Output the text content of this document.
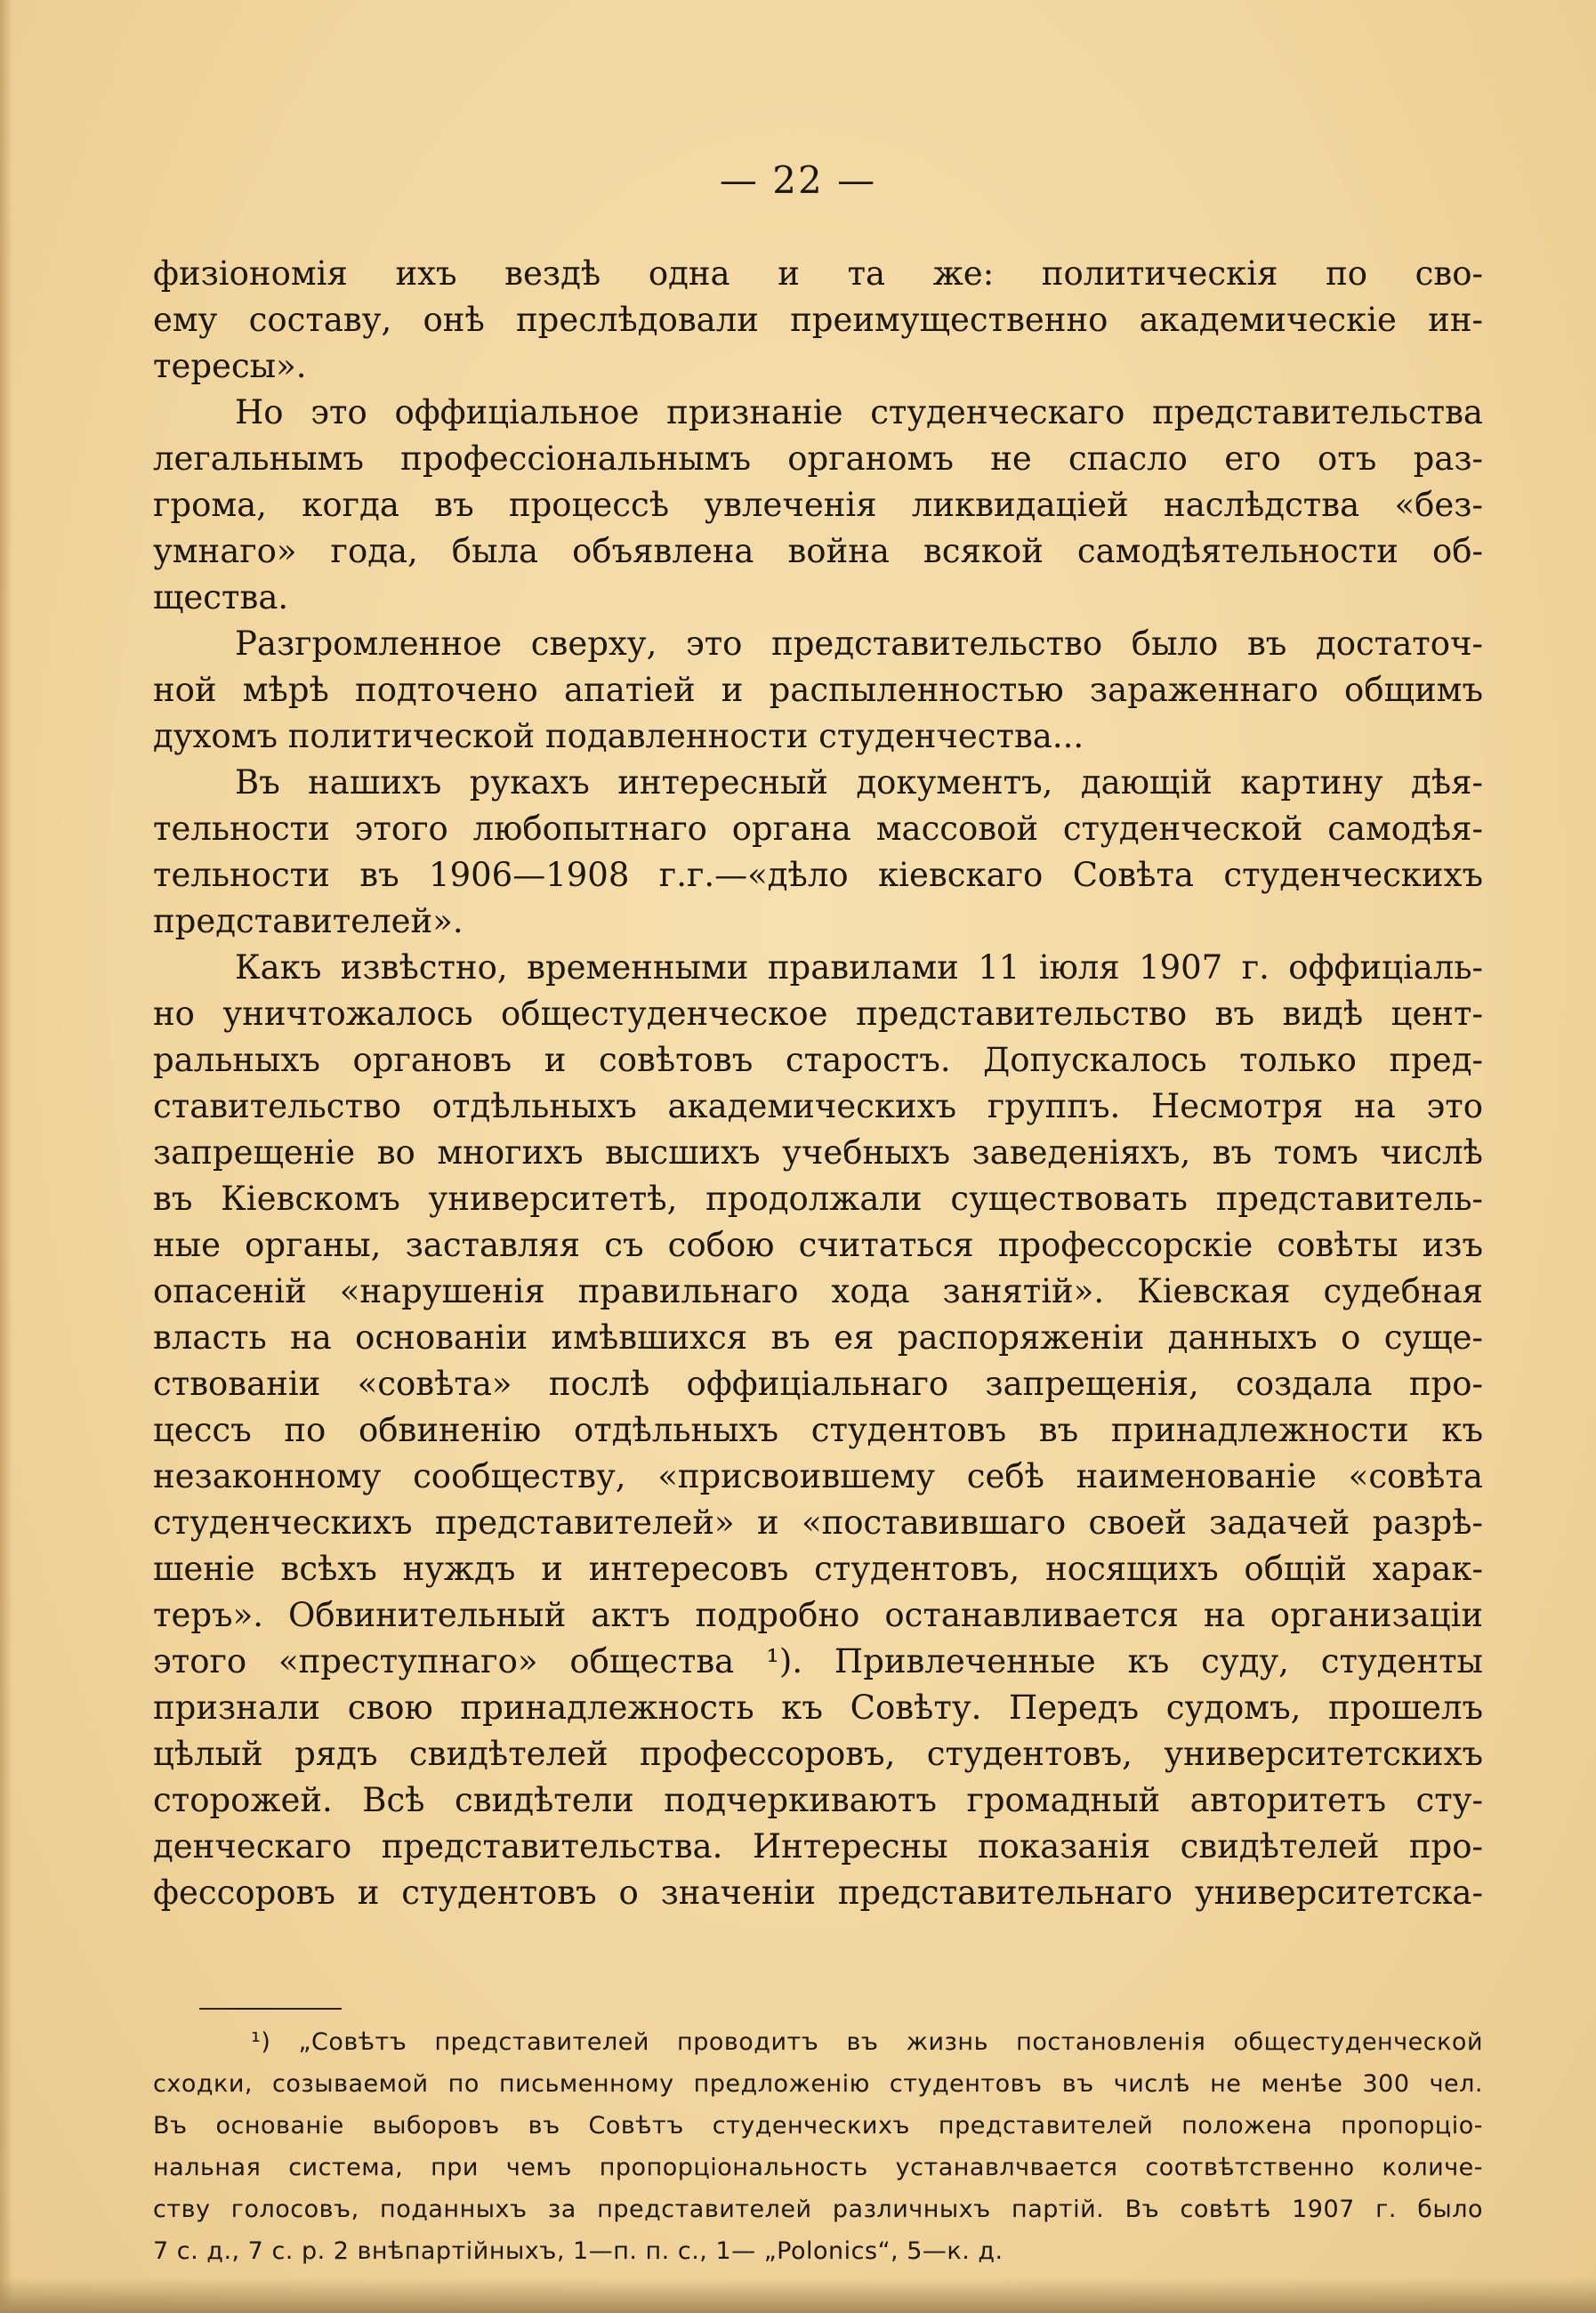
— 22 —
физіономія ихъ вездѣ одна и та же: политическія по сво-
ему составу, онѣ преслѣдовали преимущественно академическіе ин-
тересы».
Но это оффиціальное признаніе студенческаго представительства
легальнымъ профессіональнымъ органомъ не спасло его отъ раз-
грома, когда въ процессѣ увлеченія ликвидаціей наслѣдства «без-
умнаго» года, была объявлена война всякой самодѣятельности об-
щества.
Разгромленное сверху, это представительство было въ достаточ-
ной мѣрѣ подточено апатіей и распыленностью зараженнаго общимъ
духомъ политической подавленности студенчества...
Въ нашихъ рукахъ интересный документъ, дающій картину дѣя-
тельности этого любопытнаго органа массовой студенческой самодѣя-
тельности въ 1906—1908 г.г.—«дѣло кіевскаго Совѣта студенческихъ
представителей».
Какъ извѣстно, временными правилами 11 іюля 1907 г. оффиціаль-
но уничтожалось общестуденческое представительство въ видѣ цент-
ральныхъ органовъ и совѣтовъ старостъ. Допускалось только пред-
ставительство отдѣльныхъ академическихъ группъ. Несмотря на это
запрещеніе во многихъ высшихъ учебныхъ заведеніяхъ, въ томъ числѣ
въ Кіевскомъ университетѣ, продолжали существовать представитель-
ные органы, заставляя съ собою считаться профессорскіе совѣты изъ
опасеній «нарушенія правильнаго хода занятій». Кіевская судебная
власть на основаніи имѣвшихся въ ея распоряженіи данныхъ о суще-
ствованіи «совѣта» послѣ оффиціальнаго запрещенія, создала про-
цессъ по обвиненію отдѣльныхъ студентовъ въ принадлежности къ
незаконному сообществу, «присвоившему себѣ наименованіе «совѣта
студенческихъ представителей» и «поставившаго своей задачей разрѣ-
шеніе всѣхъ нуждъ и интересовъ студентовъ, носящихъ общій харак-
теръ». Обвинительный актъ подробно останавливается на организаціи
этого «преступнаго» общества ¹). Привлеченные къ суду, студенты
признали свою принадлежность къ Совѣту. Передъ судомъ, прошелъ
цѣлый рядъ свидѣтелей профессоровъ, студентовъ, университетскихъ
сторожей. Всѣ свидѣтели подчеркиваютъ громадный авторитетъ сту-
денческаго представительства. Интересны показанія свидѣтелей про-
фессоровъ и студентовъ о значеніи представительнаго университетска-
¹) „Совѣтъ представителей проводитъ въ жизнь постановленія общестуденческой
сходки, созываемой по письменному предложенію студентовъ въ числѣ не менѣе 300 чел.
Въ основаніе выборовъ въ Совѣтъ студенческихъ представителей положена пропорціо-
нальная система, при чемъ пропорціональность устанавлчвается соотвѣтственно количе-
ству голосовъ, поданныхъ за представителей различныхъ партій. Въ совѣтѣ 1907 г. было
7 с. д., 7 с. р. 2 внѣпартійныхъ, 1—п. п. с., 1— „Polonics“, 5—к. д.
